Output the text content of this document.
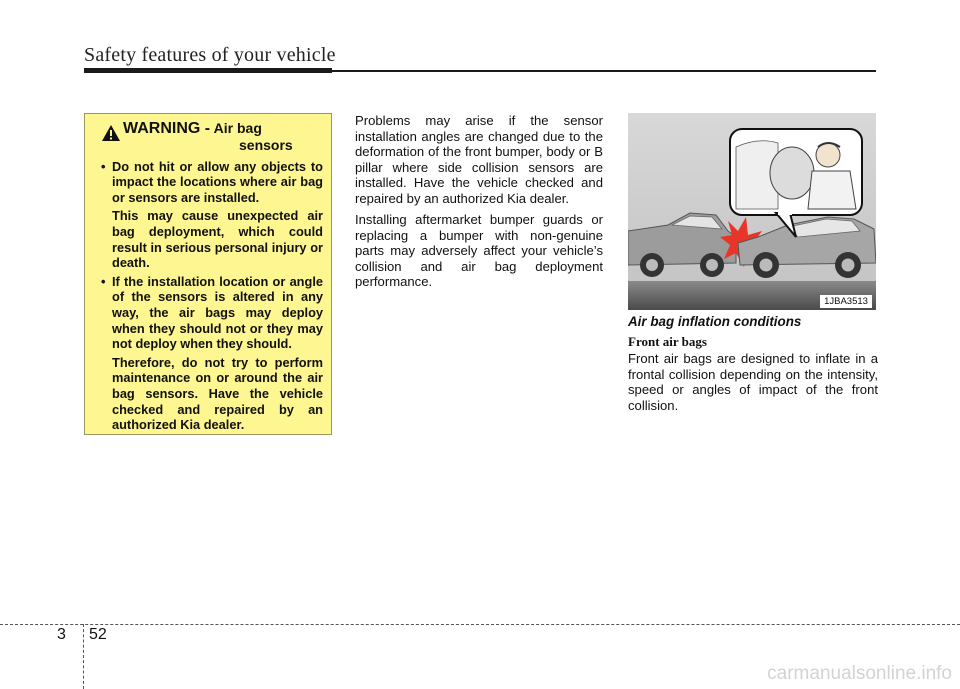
Safety features of your vehicle
WARNING - Air bag
sensors

• Do not hit or allow any objects to impact the locations where air bag or sensors are installed.

This may cause unexpected air bag deployment, which could result in serious personal injury or death.

• If the installation location or angle of the sensors is altered in any way, the air bags may deploy when they should not or they may not deploy when they should.

Therefore, do not try to perform maintenance on or around the air bag sensors. Have the vehicle checked and repaired by an authorized Kia dealer.

Problems may arise if the sensor installation angles are changed due to the deformation of the front bumper, body or B pillar where side collision sensors are installed. Have the vehicle checked and repaired by an authorized Kia dealer.

Installing aftermarket bumper guards or replacing a bumper with non-genuine parts may adversely affect your vehicle’s collision and air bag deployment performance.

1JBA3513
Air bag inflation conditions
Front air bags

Front air bags are designed to inflate in a frontal collision depending on the intensity, speed or angles of impact of the front collision.

3 52
carmanualsonline.info
